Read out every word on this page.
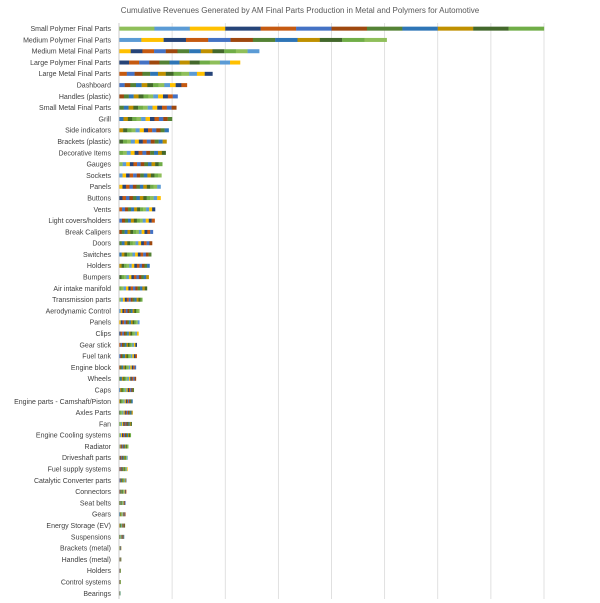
Cumulative Revenues Generated by AM Final Parts Production in Metal and Polymers for Automotive
Small Polymer Final Parts
Medium Polymer Final Parts
Medium Metal Final Parts
Large Polymer Final Parts
Large Metal Final Parts
Dashboard
Handles (plastic)
Small Metal Final Parts
Grill
Side indicators
Brackets (plastic)
Decorative Items
Gauges
Sockets
Panels
Buttons
Vents
Light covers/holders
Break Calipers
Doors
Switches
Holders
Bumpers
Air intake manifold
Transmission parts
Aerodynamic Control
Panels
Clips
Gear stick
Fuel tank
Engine block
Wheels
Caps
Engine parts - Camshaft/Piston
Axles Parts
Fan
Engine Cooling systems
Radiator
Driveshaft parts
Fuel supply systems
Catalytic Converter parts
Connectors
Seat belts
Gears
Energy Storage (EV)
Suspensions
Brackets (metal)
Handles (metal)
Holders
Control systems
Bearings
